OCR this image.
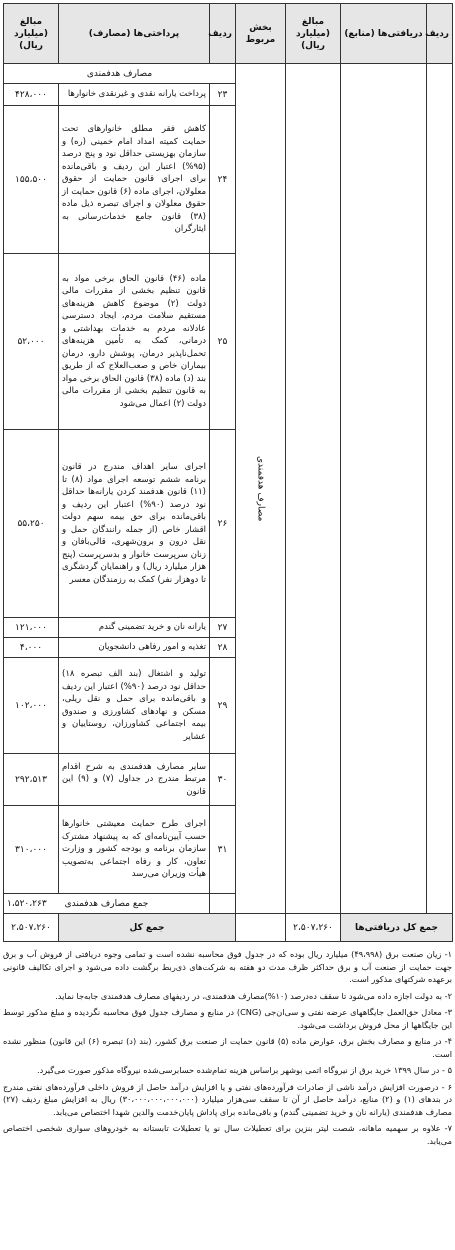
ردیف	دریافتی‌ها (منابع)	مبالغ (میلیارد ریال)	بخش مربوط	ردیف	پرداختی‌ها (مصارف)	مبالغ (میلیارد ریال)	
			مصارف هدفمندی	مصارف هدفمندی			
				۲۳	پرداخت یارانه نقدی و غیرنقدی خانوارها	۴۲۸،۰۰۰	
				۲۴	کاهش فقر مطلق خانوارهای تحت حمایت کمیته امداد امام خمینی (ره) و سازمان بهزیستی حداقل نود و پنج درصد (۹۵%) اعتبار این ردیف و باقی‌مانده برای اجرای قانون حمایت از حقوق معلولان، اجرای ماده (۶) قانون حمایت از حقوق معلولان و اجرای تبصره ذیل ماده (۳۸) قانون جامع خدمات‌رسانی به ایثارگران	۱۵۵،۵۰۰	
				۲۵	ماده (۴۶) قانون الحاق برخی مواد به قانون تنظیم بخشی از مقررات مالی دولت (۲) موضوع کاهش هزینه‌های مستقیم سلامت مردم، ایجاد دسترسی عادلانه مردم به خدمات بهداشتی و درمانی، کمک به تأمین هزینه‌های تحمل‌ناپذیر درمان، پوشش دارو، درمان بیماران خاص و صعب‌العلاج که از طریق بند (د) ماده (۳۸) قانون الحاق برخی مواد به قانون تنظیم بخشی از مقررات مالی دولت (۲) اعمال می‌شود	۵۲،۰۰۰	
				۲۶	اجرای سایر اهداف مندرج در قانون برنامه ششم توسعه اجرای مواد (۸) تا (۱۱) قانون هدفمند کردن یارانه‌ها حداقل نود درصد (۹۰%) اعتبار این ردیف و باقی‌مانده برای حق بیمه سهم دولت اقشار خاص (از جمله رانندگان حمل و نقل درون و برون‌شهری، قالی‌بافان و زنان سرپرست خانوار و بدسرپرست (پنج هزار میلیارد ریال) و راهنمایان گردشگری تا دوهزار نفر) کمک به رزمندگان معسر	۵۵،۲۵۰	
				۲۷	یارانه نان و خرید تضمینی گندم	۱۲۱،۰۰۰	
				۲۸	تغذیه و امور رفاهی دانشجویان	۴،۰۰۰	
				۲۹	تولید و اشتغال (بند الف تبصره ۱۸) حداقل نود درصد (۹۰%) اعتبار این ردیف و باقی‌مانده برای حمل و نقل ریلی، مسکن و نهادهای کشاورزی و صندوق بیمه اجتماعی کشاورزان، روستاییان و عشایر	۱۰۲،۰۰۰	
				۳۰	سایر مصارف هدفمندی به شرح اقدام مرتبط مندرج در جداول (۷) و (۹) این قانون	۲۹۲،۵۱۳	
				۳۱	اجرای طرح حمایت معیشتی خانوارها حسب آیین‌نامه‌ای که به پیشنهاد مشترک سازمان برنامه و بودجه کشور و وزارت تعاون، کار و رفاه اجتماعی به‌تصویب هیأت وزیران می‌رسد	۳۱۰،۰۰۰	
					جمع مصارف هدفمندی		۱،۵۲۰،۲۶۳
جمع کل دریافتی‌ها		۲،۵۰۷،۲۶۰		جمع کل		۲،۵۰۷،۲۶۰	

۱- زیان صنعت برق (۴۹،۹۹۸) میلیارد ریال بوده که در جدول فوق محاسبه نشده است و تمامی وجوه دریافتی از فروش آب و برق جهت حمایت از صنعت آب و برق حداکثر ظرف مدت دو هفته به شرکت‌های ذی‌ربط برگشت داده می‌شود و اجرای تکالیف قانونی برعهده شرکتهای مذکور است.

۲- به دولت اجازه داده می‌شود تا سقف ده‌درصد (۱۰%)مصارف هدفمندی، در ردیفهای مصارف هدفمندی جابه‌جا نماید.

۳- معادل حق‌العمل جایگاههای عرضه نفتی و سی‌ان‌جی (CNG) در منابع و مصارف جدول فوق محاسبه نگردیده و مبلغ مذکور توسط این جایگاهها از محل فروش برداشت می‌شود.

۴- در منابع و مصارف بخش برق، عوارض ماده (۵) قانون حمایت از صنعت برق کشور، (بند (د) تبصره (۶) این قانون) منظور نشده است.

۵ - در سال ۱۳۹۹ خرید برق از نیروگاه اتمی بوشهر براساس هزینه تمام‌شده حسابرسی‌شده نیروگاه مذکور صورت می‌گیرد.

۶ - درصورت افزایش درآمد ناشی از صادرات فرآورده‌های نفتی و یا افزایش درآمد حاصل از فروش داخلی فرآورده‌های نفتی مندرج در بندهای (۱) و (۲) منابع، درآمد حاصل از آن تا سقف سی‌هزار میلیارد (۳۰،۰۰۰،۰۰۰،۰۰۰،۰۰۰) ریال به افزایش مبلغ ردیف (۲۷) مصارف هدفمندی (یارانه نان و خرید تضمینی گندم) و باقی‌مانده برای پاداش پایان‌خدمت والدین شهدا اختصاص می‌یابد.

۷- علاوه بر سهمیه ماهانه، شصت لیتر بنزین برای تعطیلات سال نو یا تعطیلات تابستانه به خودروهای سواری شخصی اختصاص می‌یابد.
